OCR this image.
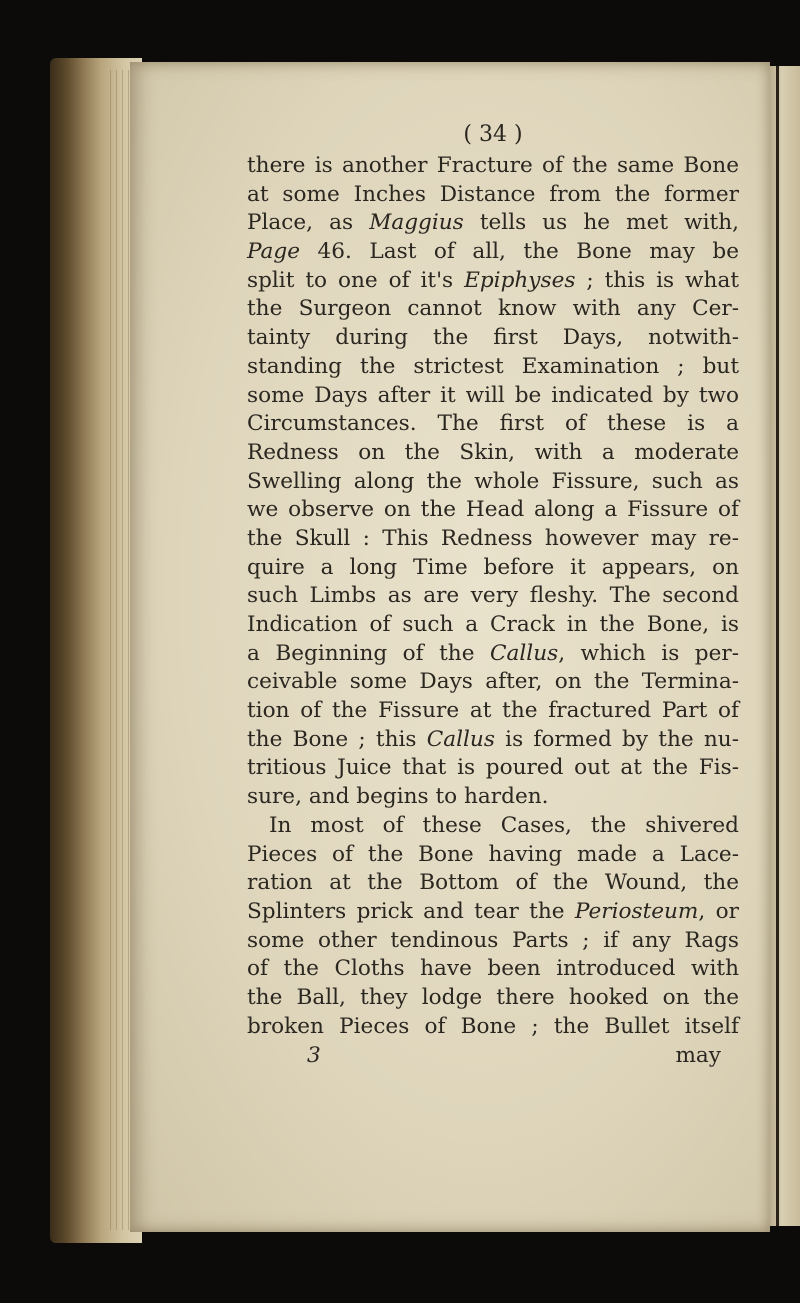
( 34 )
there is another Fracture of the same Bone
at some Inches Distance from the former
Place, as Maggius tells us he met with,
Page 46. Last of all, the Bone may be
split to one of it's Epiphyses ; this is what
the Surgeon cannot know with any Cer-
tainty during the first Days, notwith-
standing the strictest Examination ; but
some Days after it will be indicated by two
Circumstances. The first of these is a
Redness on the Skin, with a moderate
Swelling along the whole Fissure, such as
we observe on the Head along a Fissure of
the Skull : This Redness however may re-
quire a long Time before it appears, on
such Limbs as are very fleshy. The second
Indication of such a Crack in the Bone, is
a Beginning of the Callus, which is per-
ceivable some Days after, on the Termina-
tion of the Fissure at the fractured Part of
the Bone ; this Callus is formed by the nu-
tritious Juice that is poured out at the Fis-
sure, and begins to harden.
In most of these Cases, the shivered
Pieces of the Bone having made a Lace-
ration at the Bottom of the Wound, the
Splinters prick and tear the Periosteum, or
some other tendinous Parts ; if any Rags
of the Cloths have been introduced with
the Ball, they lodge there hooked on the
broken Pieces of Bone ; the Bullet itself
3	may
